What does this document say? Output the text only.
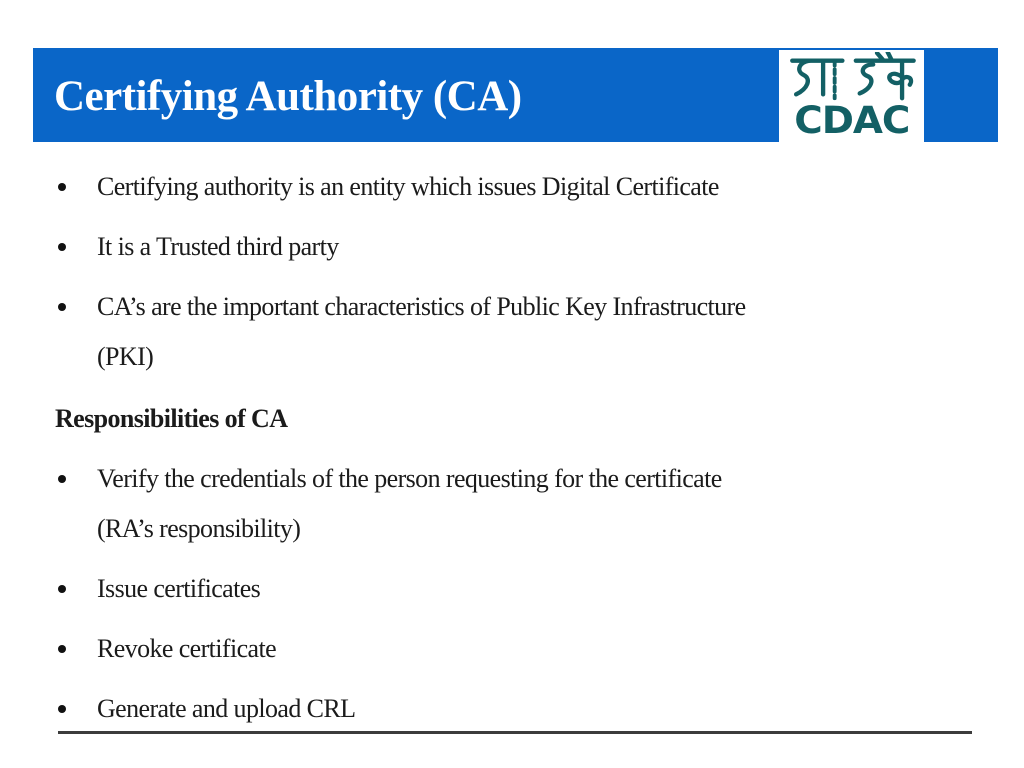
Certifying Authority (CA)
CDAC
Certifying authority is an entity which issues Digital Certificate
It is a Trusted third party
CA’s are the important characteristics of Public Key Infrastructure
(PKI)
Responsibilities of CA
Verify the credentials of the person requesting for the certificate
(RA’s responsibility)
Issue certificates
Revoke certificate
Generate and upload CRL
